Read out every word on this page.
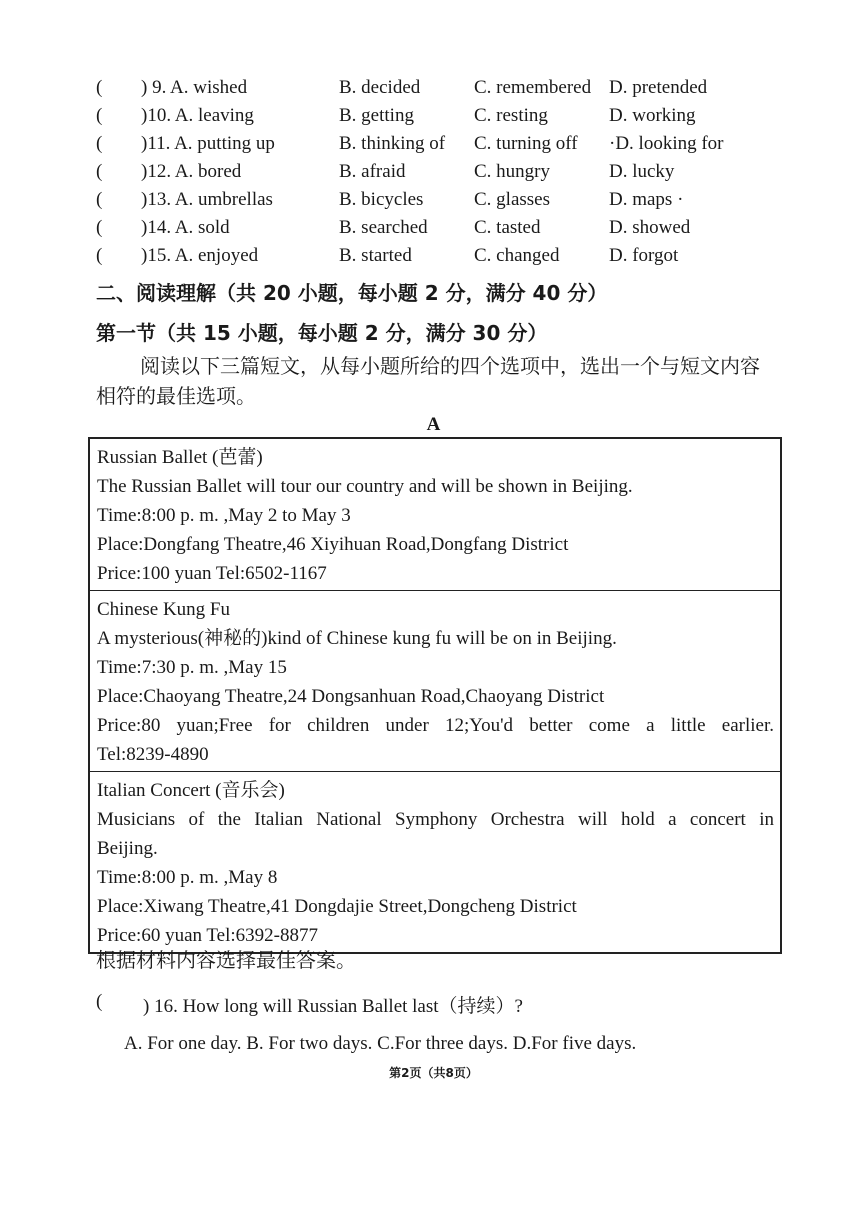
( ) 9. A. wished	B. decided	C. remembered D. pretended
( )10. A. leaving	B. getting	C. resting	D. working
( )11. A. putting up	B. thinking of C. turning off ·D. looking for
( )12. A. bored	B. afraid	C. hungry	D. lucky
( )13. A. umbrellas	B. bicycles	C. glasses	D. maps ·
( )14. A. sold	B. searched C. tasted	D. showed
( )15. A. enjoyed	B. started	C. changed	D. forgot
二、阅读理解（共 20 小题，每小题 2 分，满分 40 分）
第一节（共 15 小题，每小题 2 分，满分 30 分）
阅读以下三篇短文，从每小题所给的四个选项中，选出一个与短文内容
相符的最佳选项。
A
Russian Ballet (芭蕾)
The Russian Ballet will tour our country and will be shown in Beijing.
Time:8:00 p. m. ,May 2 to May 3
Place:Dongfang Theatre,46 Xiyihuan Road,Dongfang District
Price:100 yuan Tel:6502-1167
Chinese Kung Fu
A mysterious(神秘的)kind of Chinese kung fu will be on in Beijing.
Time:7:30 p. m. ,May 15
Place:Chaoyang Theatre,24 Dongsanhuan Road,Chaoyang District
Price:80 yuan;Free for children under 12;You'd better come a little earlier.
Tel:8239-4890
Italian Concert (音乐会)
Musicians of the Italian National Symphony Orchestra will hold a concert in
Beijing.
Time:8:00 p. m. ,May 8
Place:Xiwang Theatre,41 Dongdajie Street,Dongcheng District
Price:60 yuan Tel:6392-8877
根据材料内容选择最佳答案。
( ) 16. How long will Russian Ballet last（持续）?
A. For one day. B. For two days. C.For three days. D.For five days.
第2页（共8页）
